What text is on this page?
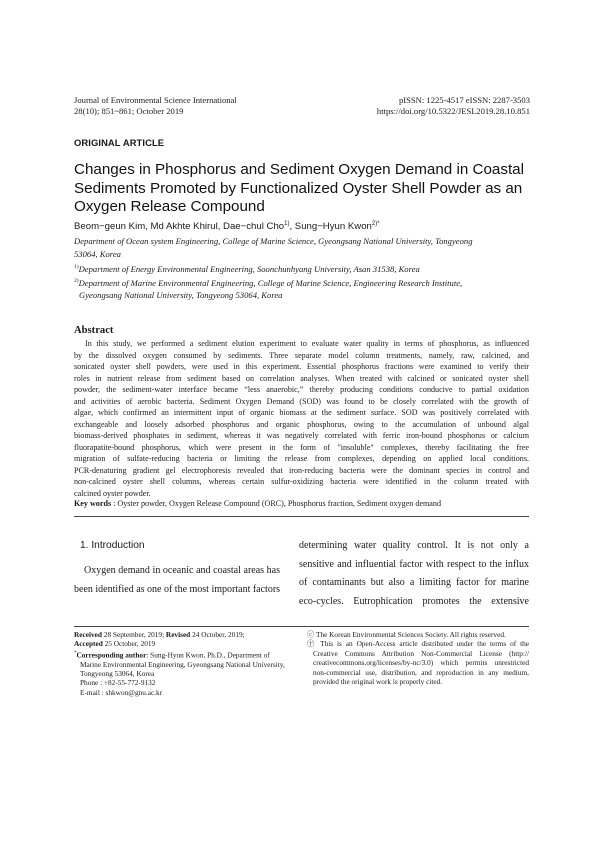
Journal of Environmental Science International
28(10); 851~861; October 2019
pISSN: 1225-4517 eISSN: 2287-3503
https://doi.org/10.5322/JESI.2019.28.10.851
ORIGINAL ARTICLE
Changes in Phosphorus and Sediment Oxygen Demand in Coastal
Sediments Promoted by Functionalized Oyster Shell Powder as an
Oxygen Release Compound
Beom−geun Kim, Md Akhte Khirul, Dae−chul Cho$^{1)}$, Sung−Hyun Kwon$^{2)*}$
Department of Ocean system Engineering, College of Marine Science, Gyeongsang National University, Tongyeong
53064, Korea
$^{1)}$Department of Energy Environmental Engineering, Soonchunhyang University, Asan 31538, Korea
$^{2)}$Department of Marine Environmental Engineering, College of Marine Science, Engineering Research Institute,
Gyeongsang National University, Tongyeong 53064, Korea
Abstract
In this study, we performed a sediment elution experiment to evaluate water quality in terms of phosphorus, as influenced
by the dissolved oxygen consumed by sediments. Three separate model column treatments, namely, raw, calcined, and
sonicated oyster shell powders, were used in this experiment. Essential phosphorus fractions were examined to verify their
roles in nutrient release from sediment based on correlation analyses. When treated with calcined or sonicated oyster shell
powder, the sediment-water interface became “less anaerobic,” thereby producing conditions conducive to partial oxidation
and activities of aerobic bacteria. Sediment Oxygen Demand (SOD) was found to be closely correlated with the growth of
algae, which confirmed an intermittent input of organic biomass at the sediment surface. SOD was positively correlated with
exchangeable and loosely adsorbed phosphorus and organic phosphorus, owing to the accumulation of unbound algal
biomass-derived phosphates in sediment, whereas it was negatively correlated with ferric iron-bound phosphorus or calcium
fluorapatite-bound phosphorus, which were present in the form of "insoluble" complexes, thereby facilitating the free
migration of sulfate-reducing bacteria or limiting the release from complexes, depending on applied local conditions.
PCR-denaturing gradient gel electrophoresis revealed that iron-reducing bacteria were the dominant species in control and
non-calcined oyster shell columns, whereas certain sulfur-oxidizing bacteria were identified in the column treated with
calcined oyster powder.
Key words : Oyster powder, Oxygen Release Compound (ORC), Phosphorus fraction, Sediment oxygen demand
1. Introduction
Oxygen demand in oceanic and coastal areas has
been identified as one of the most important factors
determining water quality control. It is not only a
sensitive and influential factor with respect to the influx
of contaminants but also a limiting factor for marine
eco-cycles. Eutrophication promotes the extensive
Received 28 September, 2019; Revised 24 October, 2019;
Accepted 25 October, 2019
*Corresponding author: Sung-Hyun Kwon, Ph.D., Department of
Marine Environmental Engineering, Gyeongsang National University,
Tongyeong 53064, Korea
Phone : +82-55-772-9132
E-mail : shkwon@gnu.ac.kr
ⓒ The Korean Environmental Sciences Society. All rights reserved.
㊉ This is an Open-Access article distributed under the terms of the
Creative Commons Attribution Non-Commercial License (http://
creativecommons.org/licenses/by-nc/3.0) which permits unrestricted
non-commercial use, distribution, and reproduction in any medium,
provided the original work is properly cited.
